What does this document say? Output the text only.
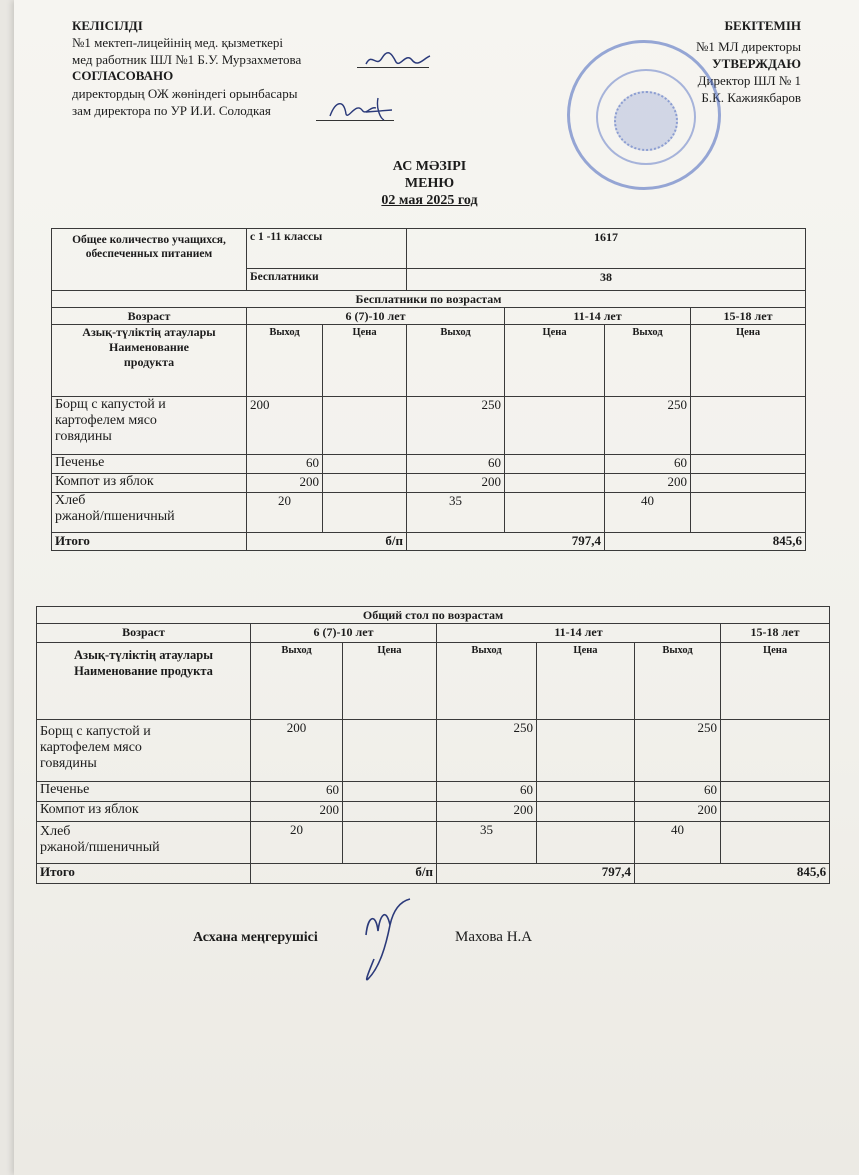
КЕЛІСІЛДІ
№1 мектеп-лицейінің мед. қызметкері
мед работник ШЛ №1 Б.У. Мурзахметова
СОГЛАСОВАНО
директордың ОЖ жөніндегі орынбасары
зам директора по УР И.И. Солодкая
БЕКІТЕМІН
№1 МЛ директоры
УТВЕРЖДАЮ
Директор ШЛ № 1
Б.К. Кажиякбаров
АС МӘЗІРІ
МЕНЮ
02 мая 2025 год
Общее количество учащихся, обеспеченных питанием	с 1 -11 классы		1617			
	Бесплатники		38			
Бесплатники по возрастам						
Возраст	6 (7)-10 лет			11-14 лет		15-18 лет

Азық-түліктің атаулары
Наименование
продукта	Выход	Цена	Выход	Цена	Выход	Цена

Борщ с капустой и
картофелем мясо
говядины	200		250		250	
Печенье	60		60		60	
Компот из яблок	200		200		200	

Хлеб
ржаной/пшеничный	20		35		40	
Итого	б/п		797,4		845,6	
Общий стол по возрастам						
Возраст	6 (7)-10 лет		11-14 лет			15-18 лет

Азық-түліктің атаулары
Наименование продукта	Выход	Цена	Выход	Цена	Выход	Цена

Борщ с капустой и
картофелем мясо
говядины	200		250		250	
Печенье	60		60		60	
Компот из яблок	200		200		200	

Хлеб
ржаной/пшеничный	20		35		40	
Итого	б/п		797,4		845,6	
Асхана меңгерушісі	Махова Н.А
